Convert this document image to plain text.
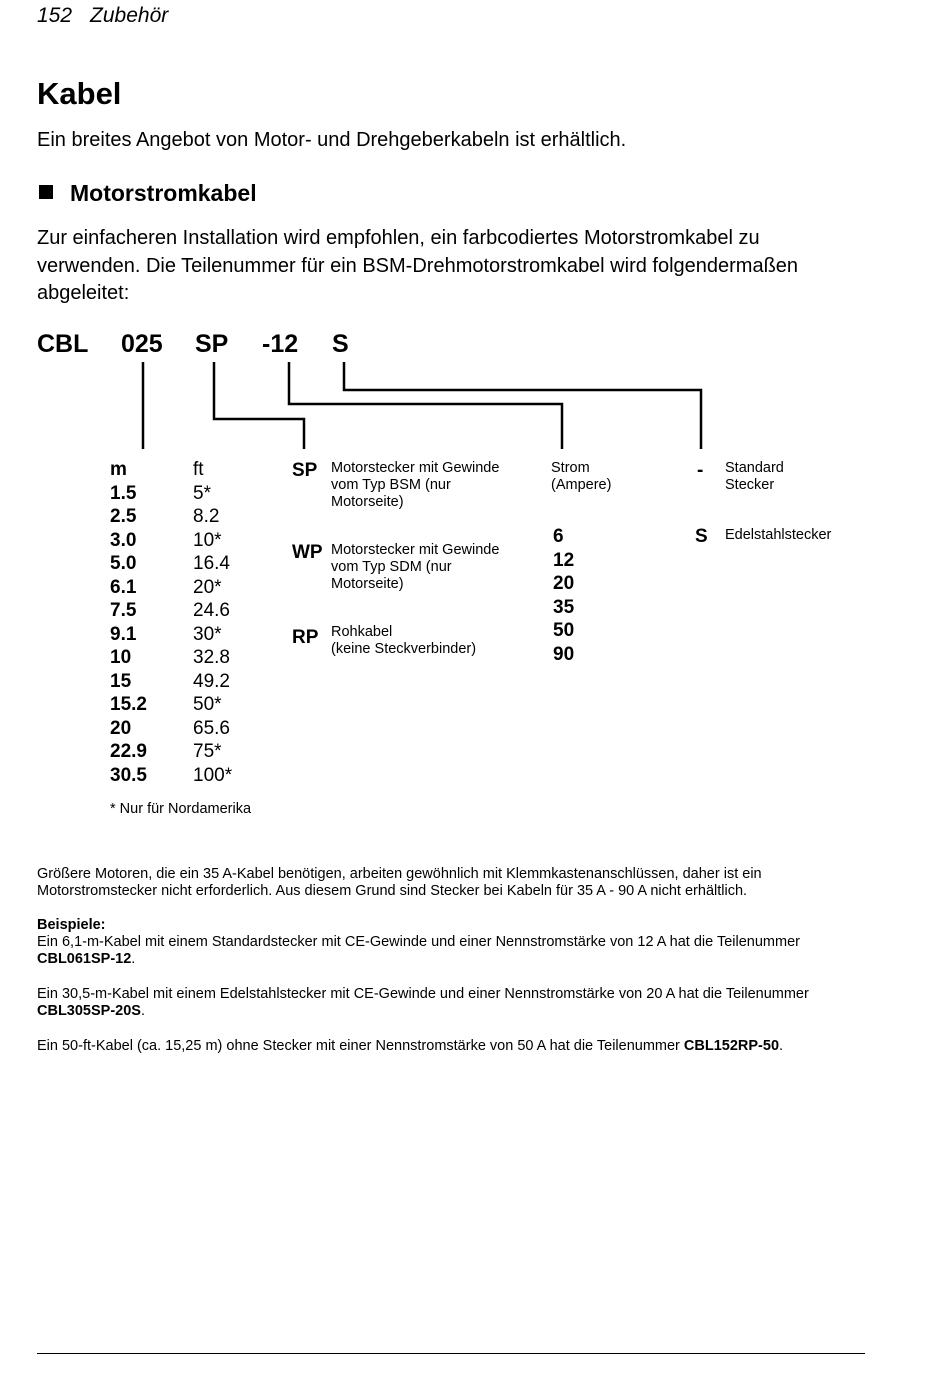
152 Zubehör
Kabel
Ein breites Angebot von Motor- und Drehgeberkabeln ist erhältlich.
Motorstromkabel
Zur einfacheren Installation wird empfohlen, ein farbcodiertes Motorstromkabel zu verwenden. Die Teilenummer für ein BSM-Drehmotorstromkabel wird folgendermaßen abgeleitet:
CBL 025 SP -12 S
m
1.5
2.5
3.0
5.0
6.1
7.5
9.1
10
15
15.2
20
22.9
30.5
ft
5*
8.2
10*
16.4
20*
24.6
30*
32.8
49.2
50*
65.6
75*
100*
SP Motorstecker mit Gewinde vom Typ BSM (nur Motorseite)
WP Motorstecker mit Gewinde vom Typ SDM (nur Motorseite)
RP Rohkabel
(keine Steckverbinder)
Strom
(Ampere)
6
12
20
35
50
90
- Standard
Stecker
S Edelstahlstecker
* Nur für Nordamerika
Größere Motoren, die ein 35 A-Kabel benötigen, arbeiten gewöhnlich mit Klemmkastenanschlüssen, daher ist ein Motorstromstecker nicht erforderlich. Aus diesem Grund sind Stecker bei Kabeln für 35 A - 90 A nicht erhältlich.
Beispiele:
Ein 6,1-m-Kabel mit einem Standardstecker mit CE-Gewinde und einer Nennstromstärke von 12 A hat die Teilenummer CBL061SP-12.
Ein 30,5-m-Kabel mit einem Edelstahlstecker mit CE-Gewinde und einer Nennstromstärke von 20 A hat die Teilenummer CBL305SP-20S.
Ein 50-ft-Kabel (ca. 15,25 m) ohne Stecker mit einer Nennstromstärke von 50 A hat die Teilenummer CBL152RP-50.
